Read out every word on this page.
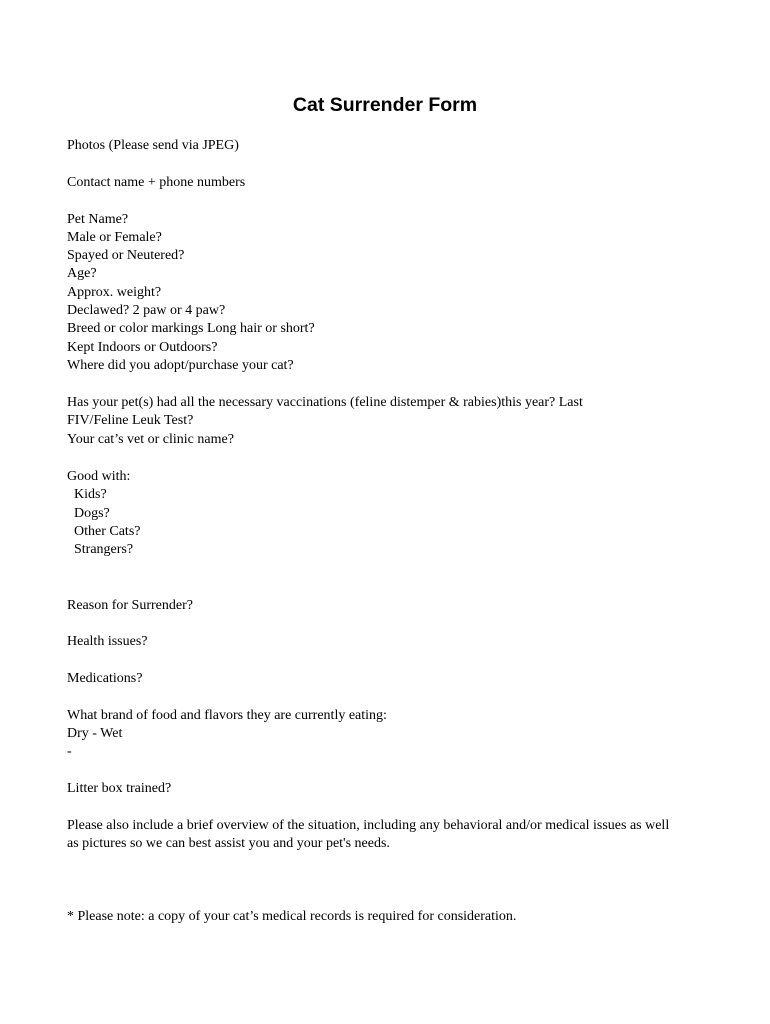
Cat Surrender Form
Photos (Please send via JPEG)
Contact name + phone numbers
Pet Name?
Male or Female?
Spayed or Neutered?
Age?
Approx. weight?
Declawed? 2 paw or 4 paw?
Breed or color markings Long hair or short?
Kept Indoors or Outdoors?
Where did you adopt/purchase your cat?
Has your pet(s) had all the necessary vaccinations (feline distemper & rabies)this year? Last
FIV/Feline Leuk Test?
Your cat’s vet or clinic name?
Good with:
Kids?
Dogs?
Other Cats?
Strangers?
Reason for Surrender?
Health issues?
Medications?
What brand of food and flavors they are currently eating:
Dry - Wet
-
Litter box trained?
Please also include a brief overview of the situation, including any behavioral and/or medical issues as well
as pictures so we can best assist you and your pet's needs.
* Please note: a copy of your cat’s medical records is required for consideration.
